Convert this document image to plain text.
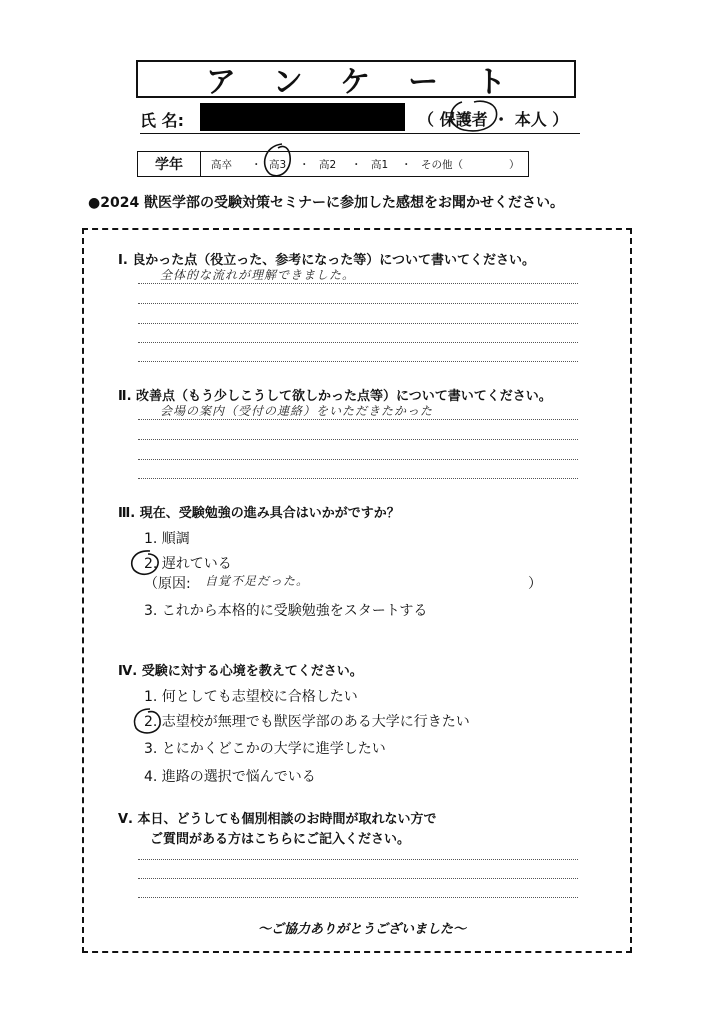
アンケート
氏 名:	（ 保護者 ・ 本人 ）
学年	高卒	・ 高3	・ 高2	・ 高1	・ その他（	）
●2024 獣医学部の受験対策セミナーに参加した感想をお聞かせください。
Ⅰ. 良かった点（役立った、参考になった等）について書いてください。
全体的な流れが理解できました。
Ⅱ. 改善点（もう少しこうして欲しかった点等）について書いてください。
会場の案内（受付の連絡）をいただきたかった
Ⅲ. 現在、受験勉強の進み具合はいかがですか？
1. 順調
2. 遅れている
（原因: 自覚不足だった。	）
3. これから本格的に受験勉強をスタートする
Ⅳ. 受験に対する心境を教えてください。
1. 何としても志望校に合格したい
2. 志望校が無理でも獣医学部のある大学に行きたい
3. とにかくどこかの大学に進学したい
4. 進路の選択で悩んでいる
Ⅴ. 本日、どうしても個別相談のお時間が取れない方で
ご質問がある方はこちらにご記入ください。
～ご協力ありがとうございました～
